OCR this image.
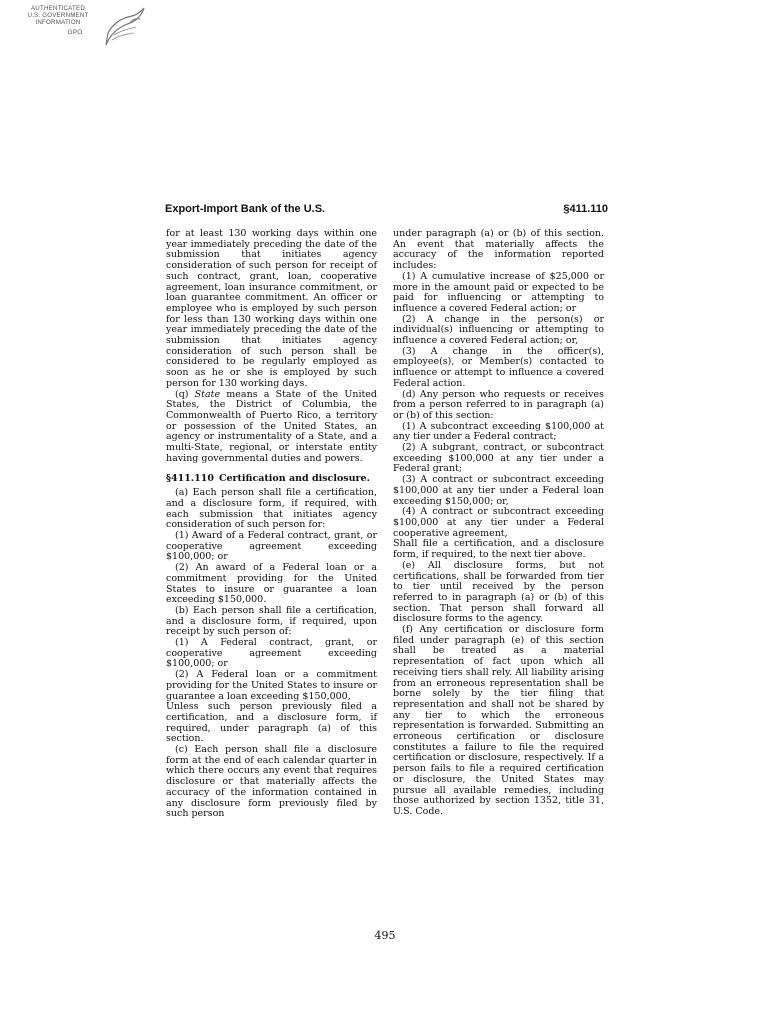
AUTHENTICATED
U.S. GOVERNMENT
INFORMATION
GPO
Export-Import Bank of the U.S.	§411.110

for at least 130 working days within one year immediately preceding the date of the submission that initiates agency consideration of such person for receipt of such contract, grant, loan, cooperative agreement, loan insurance commitment, or loan guarantee commitment. An officer or employee who is employed by such person for less than 130 working days within one year immediately preceding the date of the submission that initiates agency consideration of such person shall be considered to be regularly employed as soon as he or she is employed by such person for 130 working days.

(q) State means a State of the United States, the District of Columbia, the Commonwealth of Puerto Rico, a territory or possession of the United States, an agency or instrumentality of a State, and a multi-State, regional, or interstate entity having governmental duties and powers.

§411.110 Certification and disclosure.

(a) Each person shall file a certification, and a disclosure form, if required, with each submission that initiates agency consideration of such person for:

(1) Award of a Federal contract, grant, or cooperative agreement exceeding $100,000; or

(2) An award of a Federal loan or a commitment providing for the United States to insure or guarantee a loan exceeding $150,000.

(b) Each person shall file a certification, and a disclosure form, if required, upon receipt by such person of:

(1) A Federal contract, grant, or cooperative agreement exceeding $100,000; or

(2) A Federal loan or a commitment providing for the United States to insure or guarantee a loan exceeding $150,000,

Unless such person previously filed a certification, and a disclosure form, if required, under paragraph (a) of this section.

(c) Each person shall file a disclosure form at the end of each calendar quarter in which there occurs any event that requires disclosure or that materially affects the accuracy of the information contained in any disclosure form previously filed by such person

under paragraph (a) or (b) of this section. An event that materially affects the accuracy of the information reported includes:

(1) A cumulative increase of $25,000 or more in the amount paid or expected to be paid for influencing or attempting to influence a covered Federal action; or

(2) A change in the person(s) or individual(s) influencing or attempting to influence a covered Federal action; or,

(3) A change in the officer(s), employee(s), or Member(s) contacted to influence or attempt to influence a covered Federal action.

(d) Any person who requests or receives from a person referred to in paragraph (a) or (b) of this section:

(1) A subcontract exceeding $100,000 at any tier under a Federal contract;

(2) A subgrant, contract, or subcontract exceeding $100,000 at any tier under a Federal grant;

(3) A contract or subcontract exceeding $100,000 at any tier under a Federal loan exceeding $150,000; or,

(4) A contract or subcontract exceeding $100,000 at any tier under a Federal cooperative agreement,

Shall file a certification, and a disclosure form, if required, to the next tier above.

(e) All disclosure forms, but not certifications, shall be forwarded from tier to tier until received by the person referred to in paragraph (a) or (b) of this section. That person shall forward all disclosure forms to the agency.

(f) Any certification or disclosure form filed under paragraph (e) of this section shall be treated as a material representation of fact upon which all receiving tiers shall rely. All liability arising from an erroneous representation shall be borne solely by the tier filing that representation and shall not be shared by any tier to which the erroneous representation is forwarded. Submitting an erroneous certification or disclosure constitutes a failure to file the required certification or disclosure, respectively. If a person fails to file a required certification or disclosure, the United States may pursue all available remedies, including those authorized by section 1352, title 31, U.S. Code.

495
